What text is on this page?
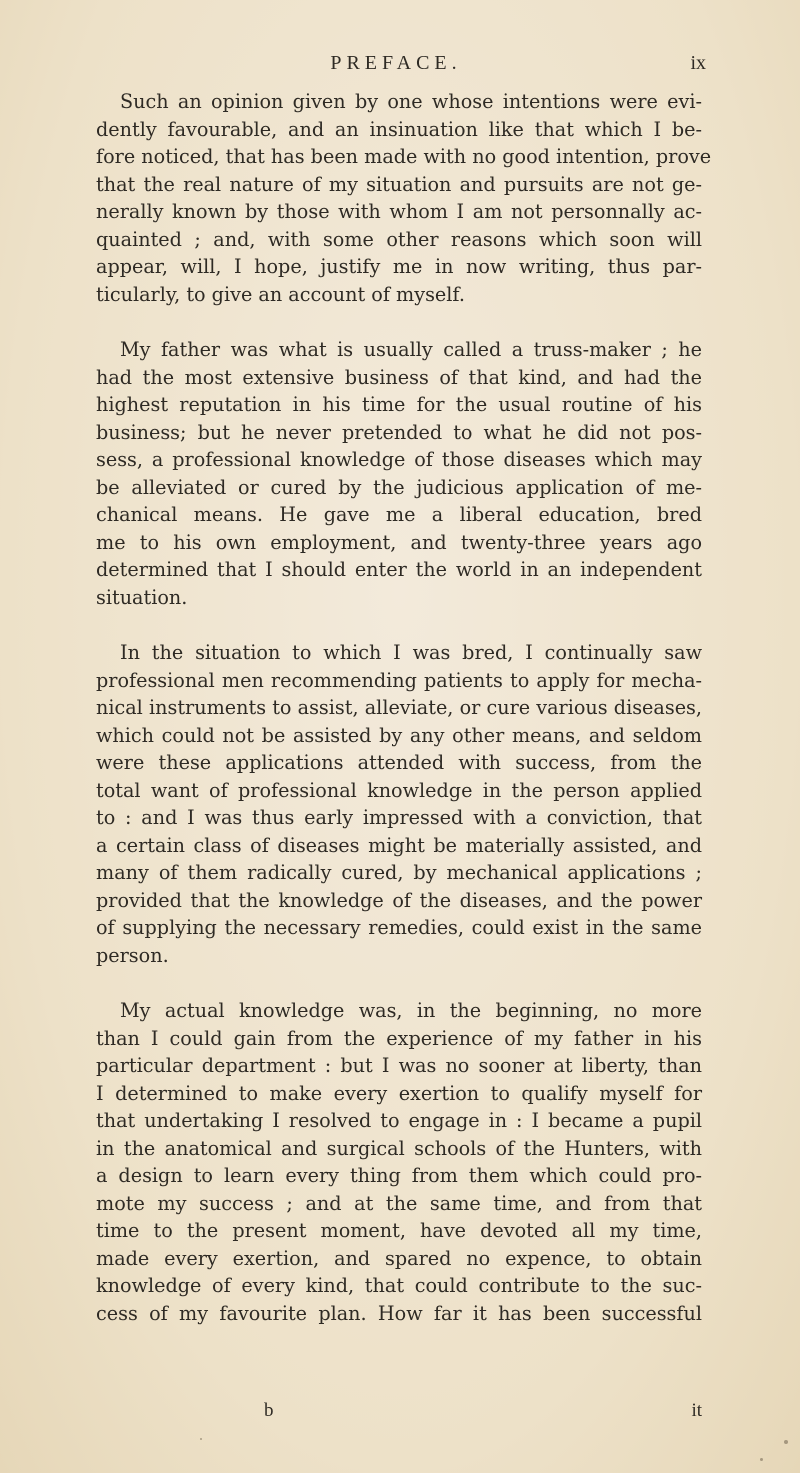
PREFACE.	ix

Such an opinion given by one whose intentions were evi-
dently favourable, and an insinuation like that which I be-
fore noticed, that has been made with no good intention, prove
that the real nature of my situation and pursuits are not ge-
nerally known by those with whom I am not personnally ac-
quainted ; and, with some other reasons which soon will
appear, will, I hope, justify me in now writing, thus par-
ticularly, to give an account of myself.

My father was what is usually called a truss-maker ; he
had the most extensive business of that kind, and had the
highest reputation in his time for the usual routine of his
business; but he never pretended to what he did not pos-
sess, a professional knowledge of those diseases which may
be alleviated or cured by the judicious application of me-
chanical means. He gave me a liberal education, bred
me to his own employment, and twenty-three years ago
determined that I should enter the world in an independent
situation.

In the situation to which I was bred, I continually saw
professional men recommending patients to apply for mecha-
nical instruments to assist, alleviate, or cure various diseases,
which could not be assisted by any other means, and seldom
were these applications attended with success, from the
total want of professional knowledge in the person applied
to : and I was thus early impressed with a conviction, that
a certain class of diseases might be materially assisted, and
many of them radically cured, by mechanical applications ;
provided that the knowledge of the diseases, and the power
of supplying the necessary remedies, could exist in the same
person.

My actual knowledge was, in the beginning, no more
than I could gain from the experience of my father in his
particular department : but I was no sooner at liberty, than
I determined to make every exertion to qualify myself for
that undertaking I resolved to engage in : I became a pupil
in the anatomical and surgical schools of the Hunters, with
a design to learn every thing from them which could pro-
mote my success ; and at the same time, and from that
time to the present moment, have devoted all my time,
made every exertion, and spared no expence, to obtain
knowledge of every kind, that could contribute to the suc-
cess of my favourite plan. How far it has been successful

b	it
